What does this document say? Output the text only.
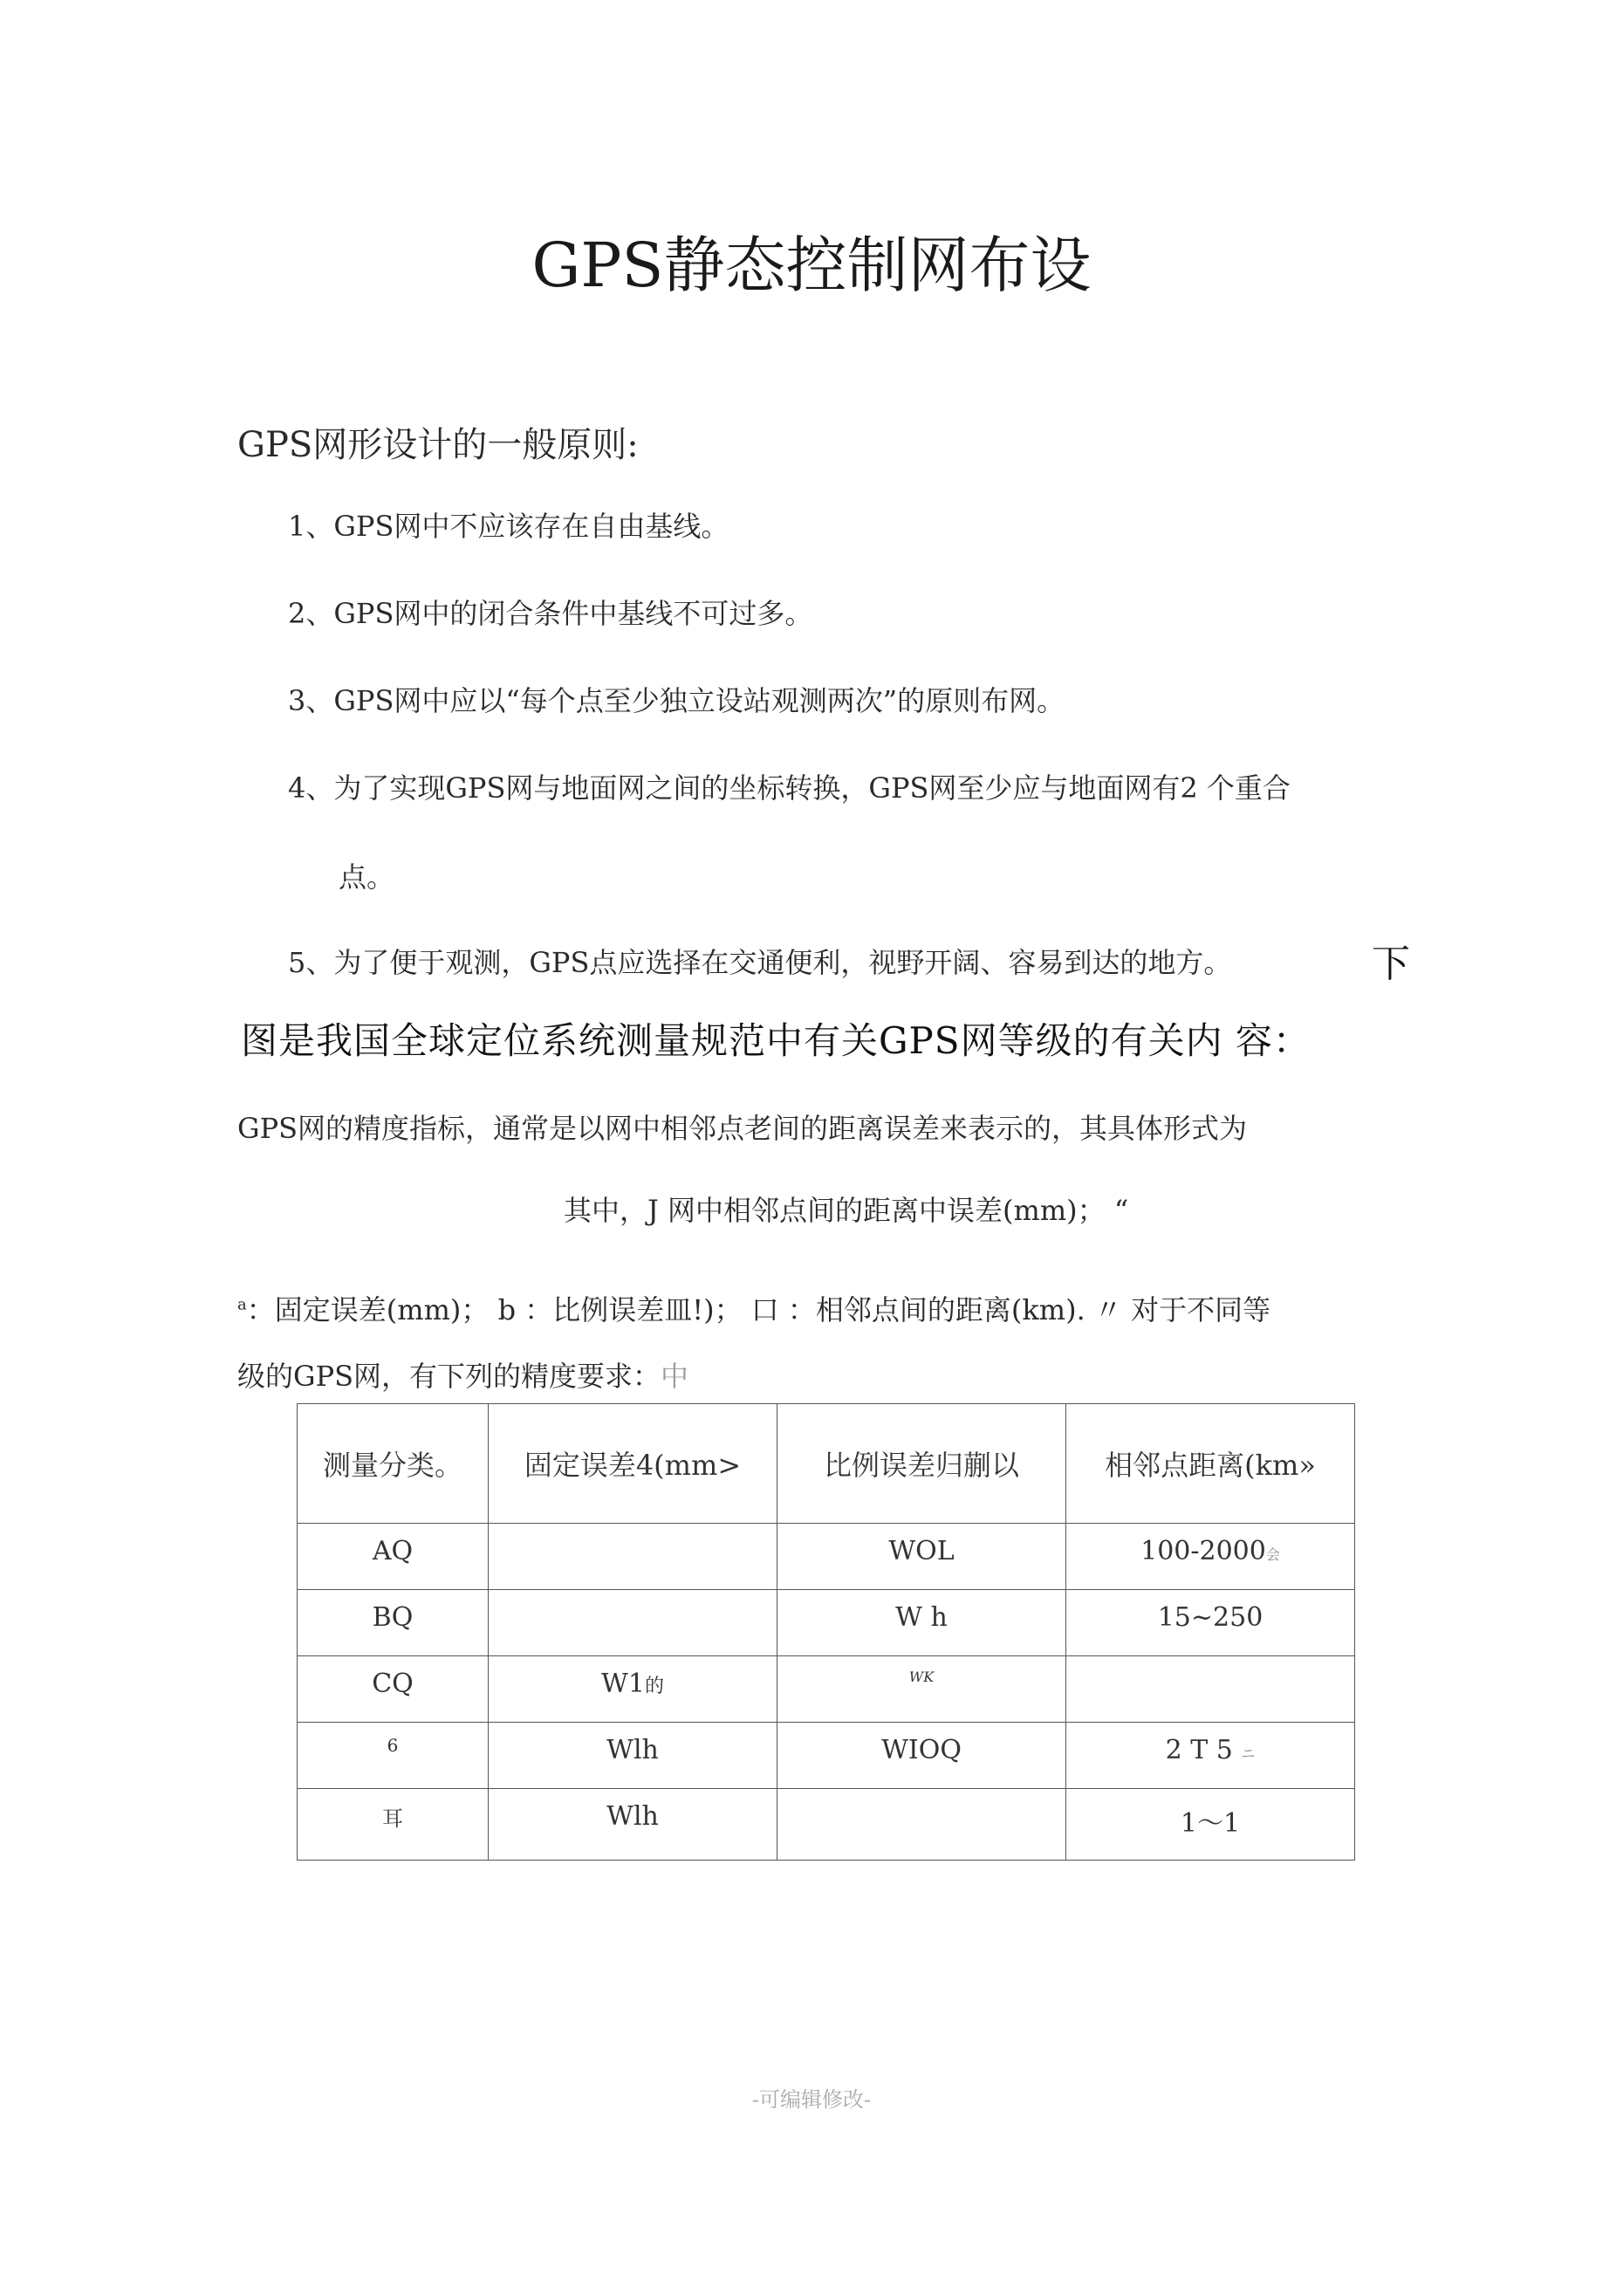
GPS静态控制网布设
GPS网形设计的一般原则:
1、GPS网中不应该存在自由基线。
2、GPS网中的闭合条件中基线不可过多。
3、GPS网中应以“每个点至少独立设站观测两次”的原则布网。
4、为了实现GPS网与地面网之间的坐标转换，GPS网至少应与地面网有2 个重合
点。
5、为了便于观测，GPS点应选择在交通便利，视野开阔、容易到达的地方。	下
图是我国全球定位系统测量规范中有关GPS网等级的有关内 容：
GPS网的精度指标，通常是以网中相邻点老间的距离误差来表示的，其具体形式为
其中，J 网中相邻点间的距离中误差(mm)； “
$^a$：固定误差(mm)； b ：比例误差皿!)； 口 ：相邻点间的距离(km). 〃 对于不同等
级的GPS网，有下列的精度要求：中
测量分类。	固定误差4(mm>	比例误差归蒯以	相邻点距离(km»
AQ		WOL	100-2000会
BQ		W h	15~250
CQ	W1的	WK	
6	Wlh	WIOQ	2 T 5 ニ
耳	Wlh		1〜1
-可编辑修改-
